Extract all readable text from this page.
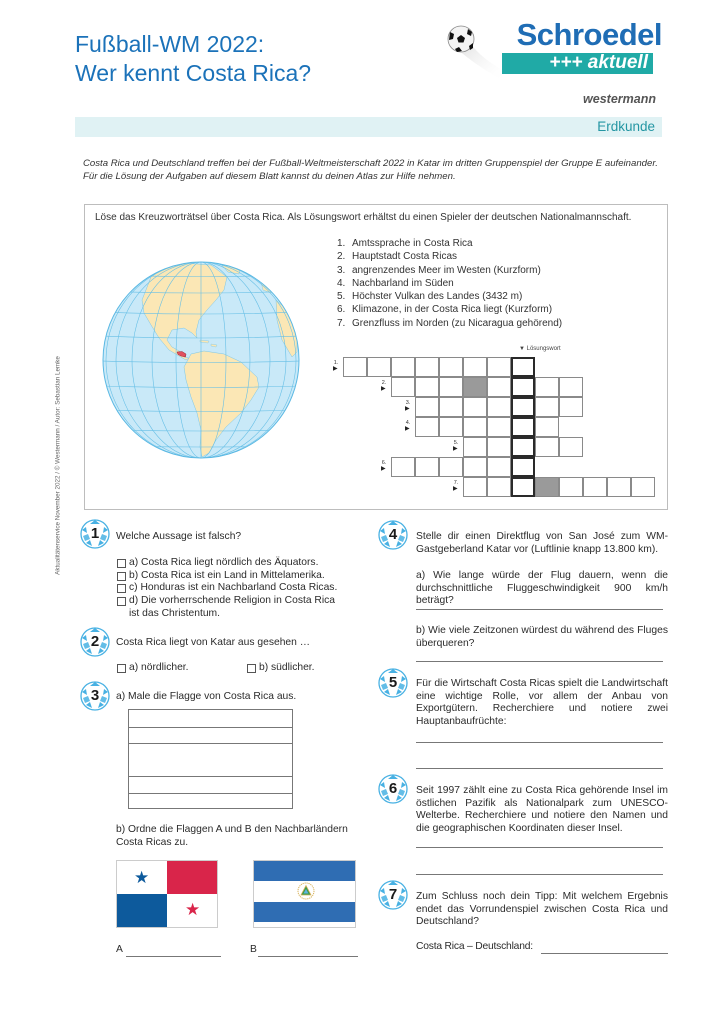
Fußball-WM 2022:
Wer kennt Costa Rica?
Schroedel
+++ aktuell
westermann
Erdkunde
Aktualitätenservice November 2022 / © Westermann / Autor: Sebastian Lemke
Costa Rica und Deutschland treffen bei der Fußball-Weltmeisterschaft 2022 in Katar im dritten Gruppenspiel der Gruppe E aufeinander. Für die Lösung der Aufgaben auf diesem Blatt kannst du deinen Atlas zur Hilfe nehmen.
Löse das Kreuzworträtsel über Costa Rica. Als Lösungswort erhältst du einen Spieler der deutschen Nationalmannschaft.
1. Amtssprache in Costa Rica
2. Hauptstadt Costa Ricas
3. angrenzendes Meer im Westen (Kurzform)
4. Nachbarland im Süden
5. Höchster Vulkan des Landes (3432 m)
6. Klimazone, in der Costa Rica liegt (Kurzform)
7. Grenzfluss im Norden (zu Nicaragua gehörend)
▼ Lösungswort
1.
▶
2.
▶
3.
▶
4.
▶
5.
▶
6.
▶
7.
▶
1	Welche Aussage ist falsch?
a) Costa Rica liegt nördlich des Äquators.
b) Costa Rica ist ein Land in Mittelamerika.
c) Honduras ist ein Nachbarland Costa Ricas.
d) Die vorherrschende Religion in Costa Rica
ist das Christentum.
2	Costa Rica liegt von Katar aus gesehen …
a) nördlicher.	b) südlicher.
3	a) Male die Flagge von Costa Rica aus.
b) Ordne die Flaggen A und B den Nachbarländern
Costa Ricas zu.
★
★
A	B
4	Stelle dir einen Direktflug von San José zum WM-Gastgeberland Katar vor (Luftlinie knapp 13.800 km).
a) Wie lange würde der Flug dauern, wenn die durchschnittliche Fluggeschwindigkeit 900 km/h beträgt?
b) Wie viele Zeitzonen würdest du während des Fluges überqueren?
5	Für die Wirtschaft Costa Ricas spielt die Landwirtschaft eine wichtige Rolle, vor allem der Anbau von Exportgütern. Recherchiere und notiere zwei Hauptanbaufrüchte:
6	Seit 1997 zählt eine zu Costa Rica gehörende Insel im östlichen Pazifik als Nationalpark zum UNESCO-Welterbe. Recherchiere und notiere den Namen und die geographischen Koordinaten dieser Insel.
7	Zum Schluss noch dein Tipp: Mit welchem Ergebnis endet das Vorrundenspiel zwischen Costa Rica und Deutschland?
Costa Rica – Deutschland:
